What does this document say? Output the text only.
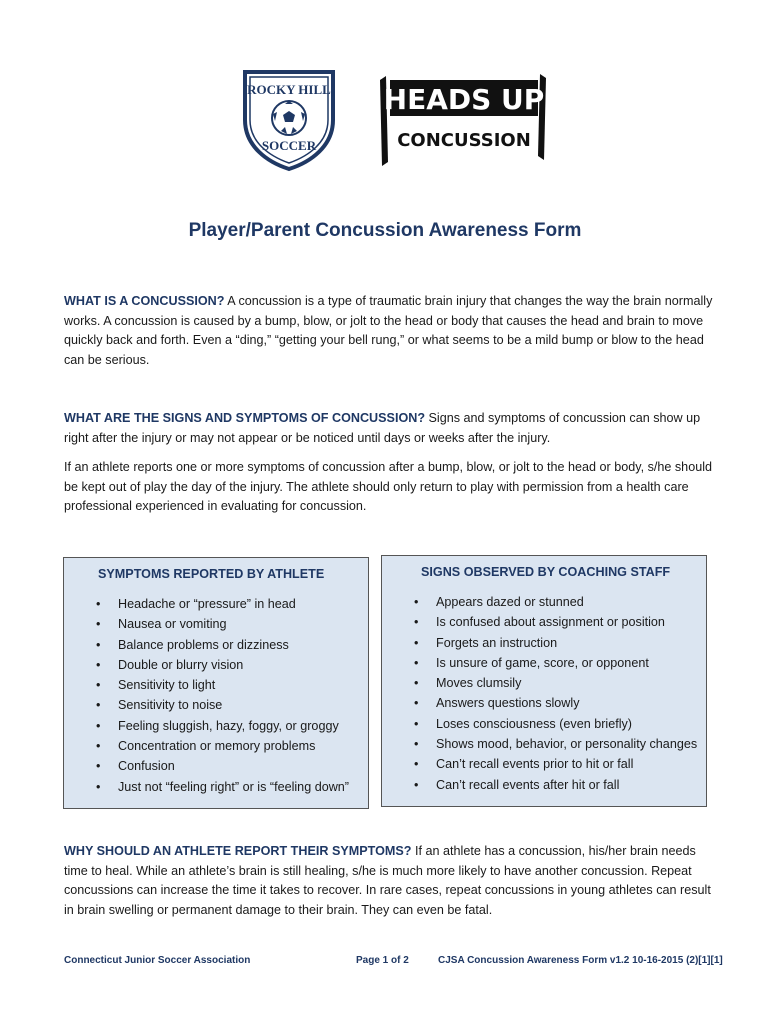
ROCKY HILL
SOCCER
HEADS UP
CONCUSSION
Player/Parent Concussion Awareness Form

WHAT IS A CONCUSSION? A concussion is a type of traumatic brain injury that changes the way the brain normally works. A concussion is caused by a bump, blow, or jolt to the head or body that causes the head and brain to move quickly back and forth. Even a “ding,” “getting your bell rung,” or what seems to be a mild bump or blow to the head can be serious.

WHAT ARE THE SIGNS AND SYMPTOMS OF CONCUSSION? Signs and symptoms of concussion can show up right after the injury or may not appear or be noticed until days or weeks after the injury.

If an athlete reports one or more symptoms of concussion after a bump, blow, or jolt to the head or body, s/he should be kept out of play the day of the injury. The athlete should only return to play with permission from a health care professional experienced in evaluating for concussion.

SYMPTOMS REPORTED BY ATHLETE
• Headache or “pressure” in head
• Nausea or vomiting
• Balance problems or dizziness
• Double or blurry vision
• Sensitivity to light
• Sensitivity to noise
• Feeling sluggish, hazy, foggy, or groggy
• Concentration or memory problems
• Confusion
• Just not “feeling right” or is “feeling down”
SIGNS OBSERVED BY COACHING STAFF
• Appears dazed or stunned
• Is confused about assignment or position
• Forgets an instruction
• Is unsure of game, score, or opponent
• Moves clumsily
• Answers questions slowly
• Loses consciousness (even briefly)
• Shows mood, behavior, or personality changes
• Can’t recall events prior to hit or fall
• Can’t recall events after hit or fall

WHY SHOULD AN ATHLETE REPORT THEIR SYMPTOMS? If an athlete has a concussion, his/her brain needs time to heal. While an athlete’s brain is still healing, s/he is much more likely to have another concussion. Repeat concussions can increase the time it takes to recover. In rare cases, repeat concussions in young athletes can result in brain swelling or permanent damage to their brain. They can even be fatal.

Connecticut Junior Soccer Association	Page 1 of 2	CJSA Concussion Awareness Form v1.2 10-16-2015 (2)[1][1]
